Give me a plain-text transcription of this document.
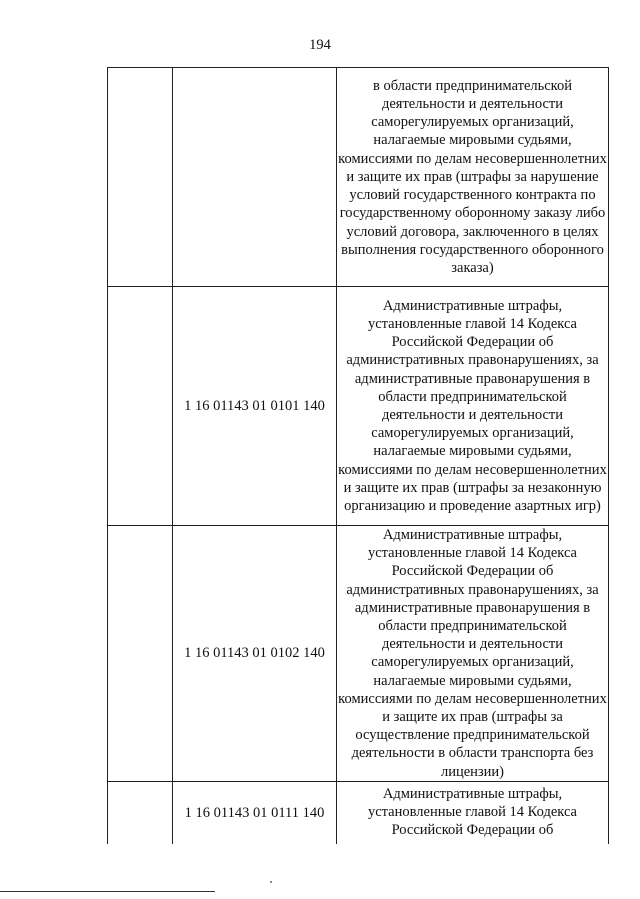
194
		в области предпринимательской деятельности и деятельности саморегулируемых организаций, налагаемые мировыми судьями, комиссиями по делам несовершеннолетних и защите их прав (штрафы за нарушение условий государственного контракта по государственному оборонному заказу либо условий договора, заключенного в целях выполнения государственного оборонного заказа)
	1 16 01143 01 0101 140	Административные штрафы, установленные главой 14 Кодекса Российской Федерации об административных правонарушениях, за административные правонарушения в области предпринимательской деятельности и деятельности саморегулируемых организаций, налагаемые мировыми судьями, комиссиями по делам несовершеннолетних и защите их прав (штрафы за незаконную организацию и проведение азартных игр)
	1 16 01143 01 0102 140	Административные штрафы, установленные главой 14 Кодекса Российской Федерации об административных правонарушениях, за административные правонарушения в области предпринимательской деятельности и деятельности саморегулируемых организаций, налагаемые мировыми судьями, комиссиями по делам несовершеннолетних и защите их прав (штрафы за осуществление предпринимательской деятельности в области транспорта без лицензии)
	1 16 01143 01 0111 140	Административные штрафы, установленные главой 14 Кодекса Российской Федерации об
